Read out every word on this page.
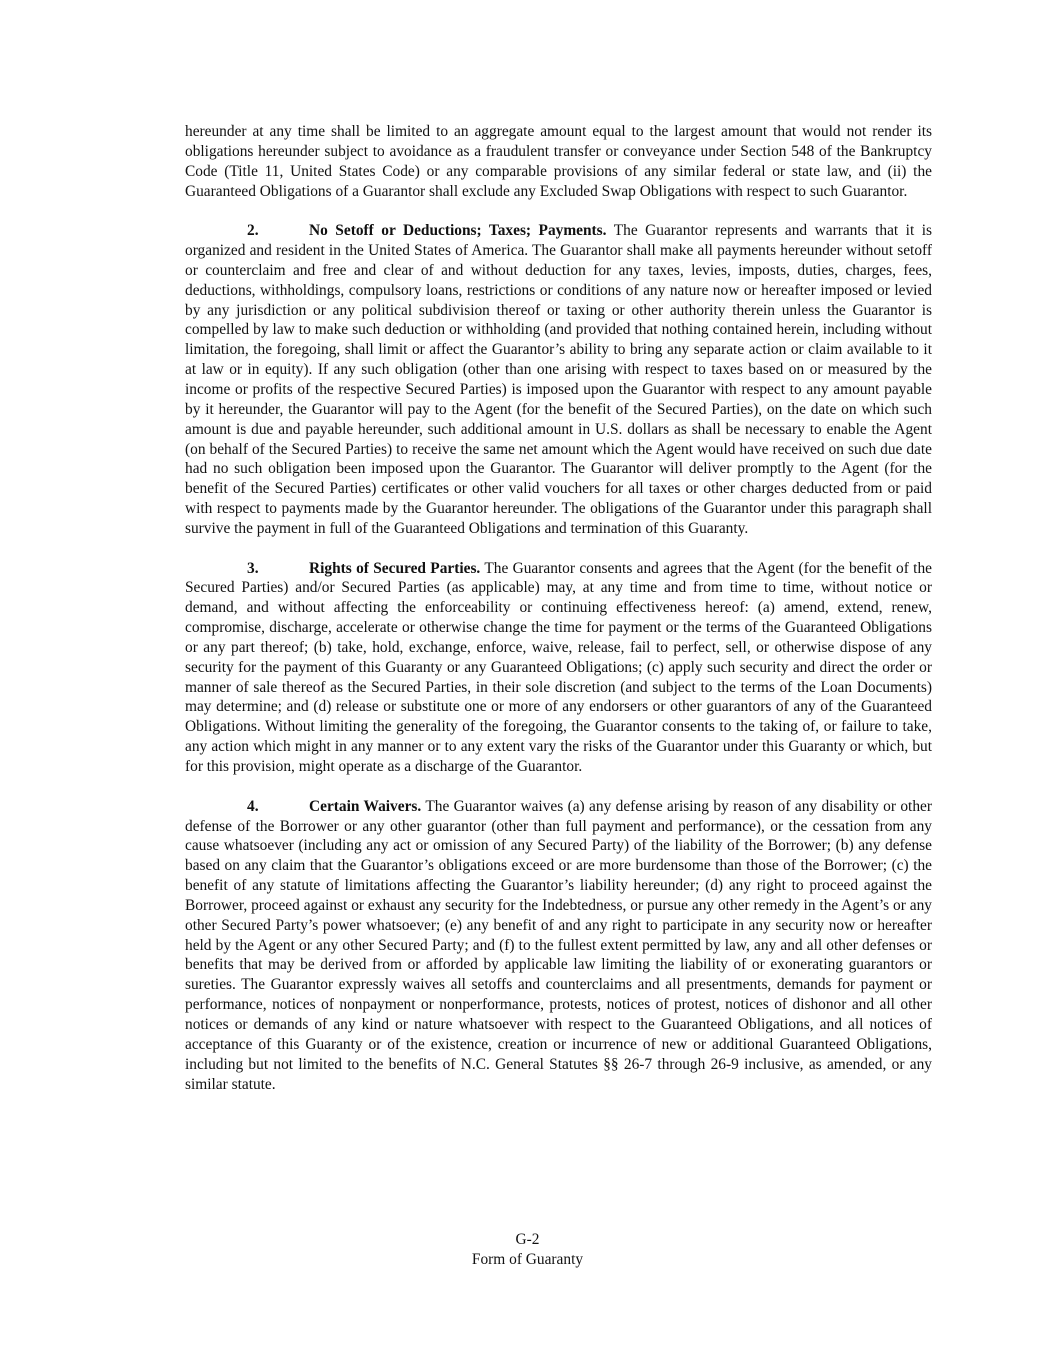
hereunder at any time shall be limited to an aggregate amount equal to the largest amount that would not render its obligations hereunder subject to avoidance as a fraudulent transfer or conveyance under Section 548 of the Bankruptcy Code (Title 11, United States Code) or any comparable provisions of any similar federal or state law, and (ii) the Guaranteed Obligations of a Guarantor shall exclude any Excluded Swap Obligations with respect to such Guarantor.

2.	No Setoff or Deductions; Taxes; Payments. The Guarantor represents and warrants that it is organized and resident in the United States of America. The Guarantor shall make all payments hereunder without setoff or counterclaim and free and clear of and without deduction for any taxes, levies, imposts, duties, charges, fees, deductions, withholdings, compulsory loans, restrictions or conditions of any nature now or hereafter imposed or levied by any jurisdiction or any political subdivision thereof or taxing or other authority therein unless the Guarantor is compelled by law to make such deduction or withholding (and provided that nothing contained herein, including without limitation, the foregoing, shall limit or affect the Guarantor’s ability to bring any separate action or claim available to it at law or in equity). If any such obligation (other than one arising with respect to taxes based on or measured by the income or profits of the respective Secured Parties) is imposed upon the Guarantor with respect to any amount payable by it hereunder, the Guarantor will pay to the Agent (for the benefit of the Secured Parties), on the date on which such amount is due and payable hereunder, such additional amount in U.S. dollars as shall be necessary to enable the Agent (on behalf of the Secured Parties) to receive the same net amount which the Agent would have received on such due date had no such obligation been imposed upon the Guarantor. The Guarantor will deliver promptly to the Agent (for the benefit of the Secured Parties) certificates or other valid vouchers for all taxes or other charges deducted from or paid with respect to payments made by the Guarantor hereunder. The obligations of the Guarantor under this paragraph shall survive the payment in full of the Guaranteed Obligations and termination of this Guaranty.

3.	Rights of Secured Parties. The Guarantor consents and agrees that the Agent (for the benefit of the Secured Parties) and/or Secured Parties (as applicable) may, at any time and from time to time, without notice or demand, and without affecting the enforceability or continuing effectiveness hereof: (a) amend, extend, renew, compromise, discharge, accelerate or otherwise change the time for payment or the terms of the Guaranteed Obligations or any part thereof; (b) take, hold, exchange, enforce, waive, release, fail to perfect, sell, or otherwise dispose of any security for the payment of this Guaranty or any Guaranteed Obligations; (c) apply such security and direct the order or manner of sale thereof as the Secured Parties, in their sole discretion (and subject to the terms of the Loan Documents) may determine; and (d) release or substitute one or more of any endorsers or other guarantors of any of the Guaranteed Obligations. Without limiting the generality of the foregoing, the Guarantor consents to the taking of, or failure to take, any action which might in any manner or to any extent vary the risks of the Guarantor under this Guaranty or which, but for this provision, might operate as a discharge of the Guarantor.

4.	Certain Waivers. The Guarantor waives (a) any defense arising by reason of any disability or other defense of the Borrower or any other guarantor (other than full payment and performance), or the cessation from any cause whatsoever (including any act or omission of any Secured Party) of the liability of the Borrower; (b) any defense based on any claim that the Guarantor’s obligations exceed or are more burdensome than those of the Borrower; (c) the benefit of any statute of limitations affecting the Guarantor’s liability hereunder; (d) any right to proceed against the Borrower, proceed against or exhaust any security for the Indebtedness, or pursue any other remedy in the Agent’s or any other Secured Party’s power whatsoever; (e) any benefit of and any right to participate in any security now or hereafter held by the Agent or any other Secured Party; and (f) to the fullest extent permitted by law, any and all other defenses or benefits that may be derived from or afforded by applicable law limiting the liability of or exonerating guarantors or sureties. The Guarantor expressly waives all setoffs and counterclaims and all presentments, demands for payment or performance, notices of nonpayment or nonperformance, protests, notices of protest, notices of dishonor and all other notices or demands of any kind or nature whatsoever with respect to the Guaranteed Obligations, and all notices of acceptance of this Guaranty or of the existence, creation or incurrence of new or additional Guaranteed Obligations, including but not limited to the benefits of N.C. General Statutes §§ 26-7 through 26-9 inclusive, as amended, or any similar statute.

G-2
Form of Guaranty
